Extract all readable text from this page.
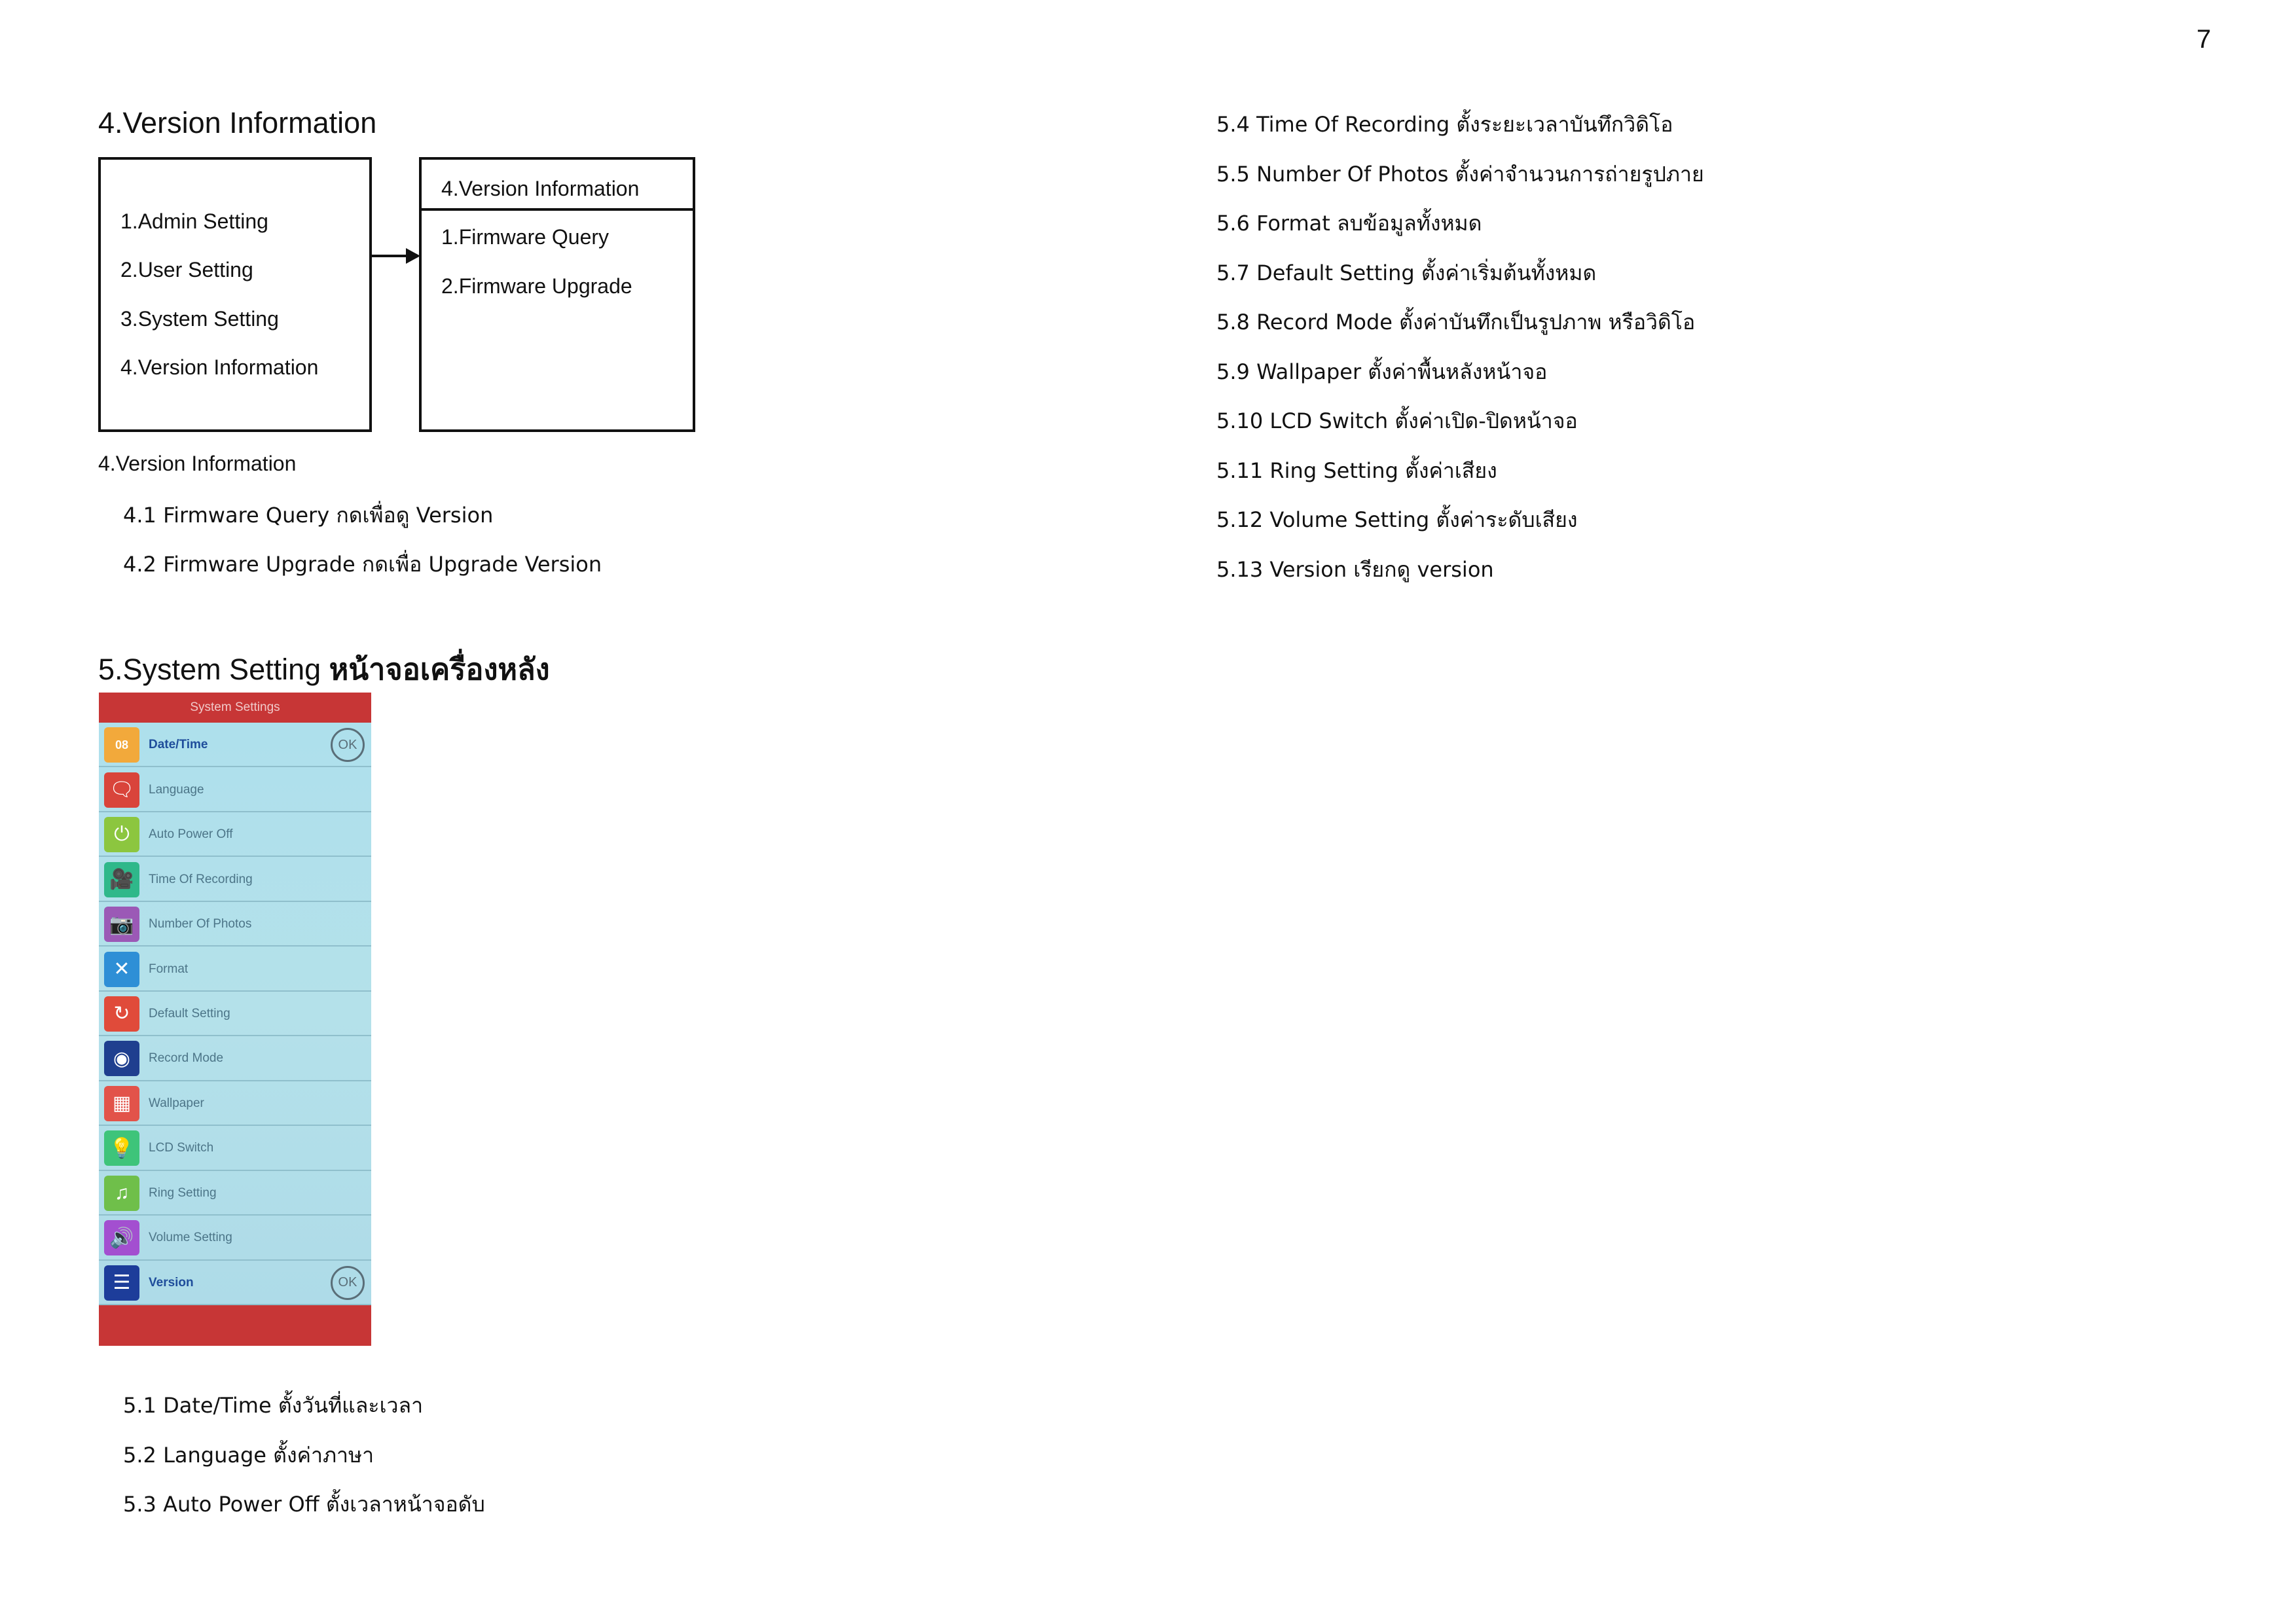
7
4.Version Information
1.Admin Setting
2.User Setting
3.System Setting
4.Version Information
4.Version Information
1.Firmware Query
2.Firmware Upgrade
4.Version Information
4.1 Firmware Query กดเพื่อดู Version
4.2 Firmware Upgrade กดเพื่อ Upgrade Version
5.System Setting หน้าจอเครื่องหลัง
System Settings
08	Date/Time	OK
🗨	Language
⏻	Auto Power Off
🎥	Time Of Recording
📷	Number Of Photos
✕	Format
↻	Default Setting
◉	Record Mode
▦	Wallpaper
💡	LCD Switch
♫	Ring Setting
🔊	Volume Setting
☰	Version	OK
5.1 Date/Time ตั้งวันที่และเวลา
5.2 Language ตั้งค่าภาษา
5.3 Auto Power Off ตั้งเวลาหน้าจอดับ
5.4 Time Of Recording ตั้งระยะเวลาบันทึกวิดิโอ
5.5 Number Of Photos ตั้งค่าจำนวนการถ่ายรูปภาย
5.6 Format ลบข้อมูลทั้งหมด
5.7 Default Setting ตั้งค่าเริ่มต้นทั้งหมด
5.8 Record Mode ตั้งค่าบันทึกเป็นรูปภาพ หรือวิดิโอ
5.9 Wallpaper ตั้งค่าพื้นหลังหน้าจอ
5.10 LCD Switch ตั้งค่าเปิด-ปิดหน้าจอ
5.11 Ring Setting ตั้งค่าเสียง
5.12 Volume Setting ตั้งค่าระดับเสียง
5.13 Version เรียกดู version
